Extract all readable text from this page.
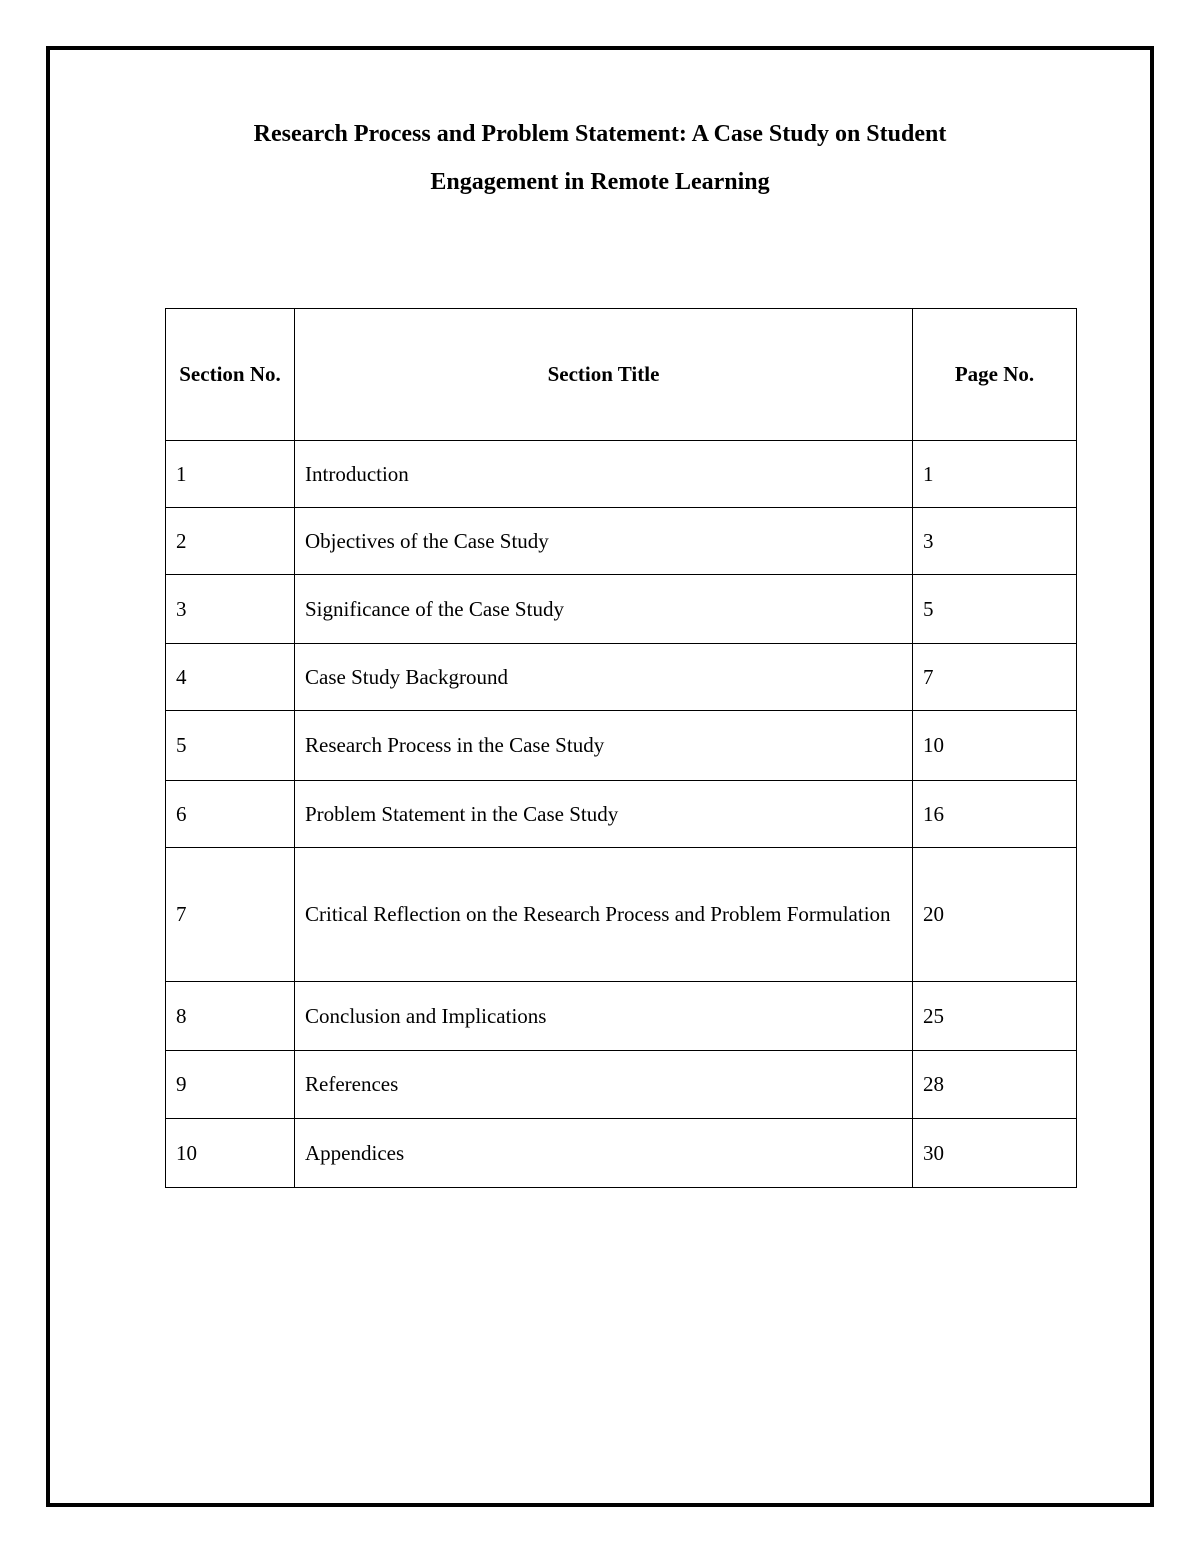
Research Process and Problem Statement: A Case Study on Student
Engagement in Remote Learning
Section No.	Section Title	Page No.
1	Introduction	1
2	Objectives of the Case Study	3
3	Significance of the Case Study	5
4	Case Study Background	7
5	Research Process in the Case Study	10
6	Problem Statement in the Case Study	16
7	Critical Reflection on the Research Process and Problem Formulation	20
8	Conclusion and Implications	25
9	References	28
10	Appendices	30
